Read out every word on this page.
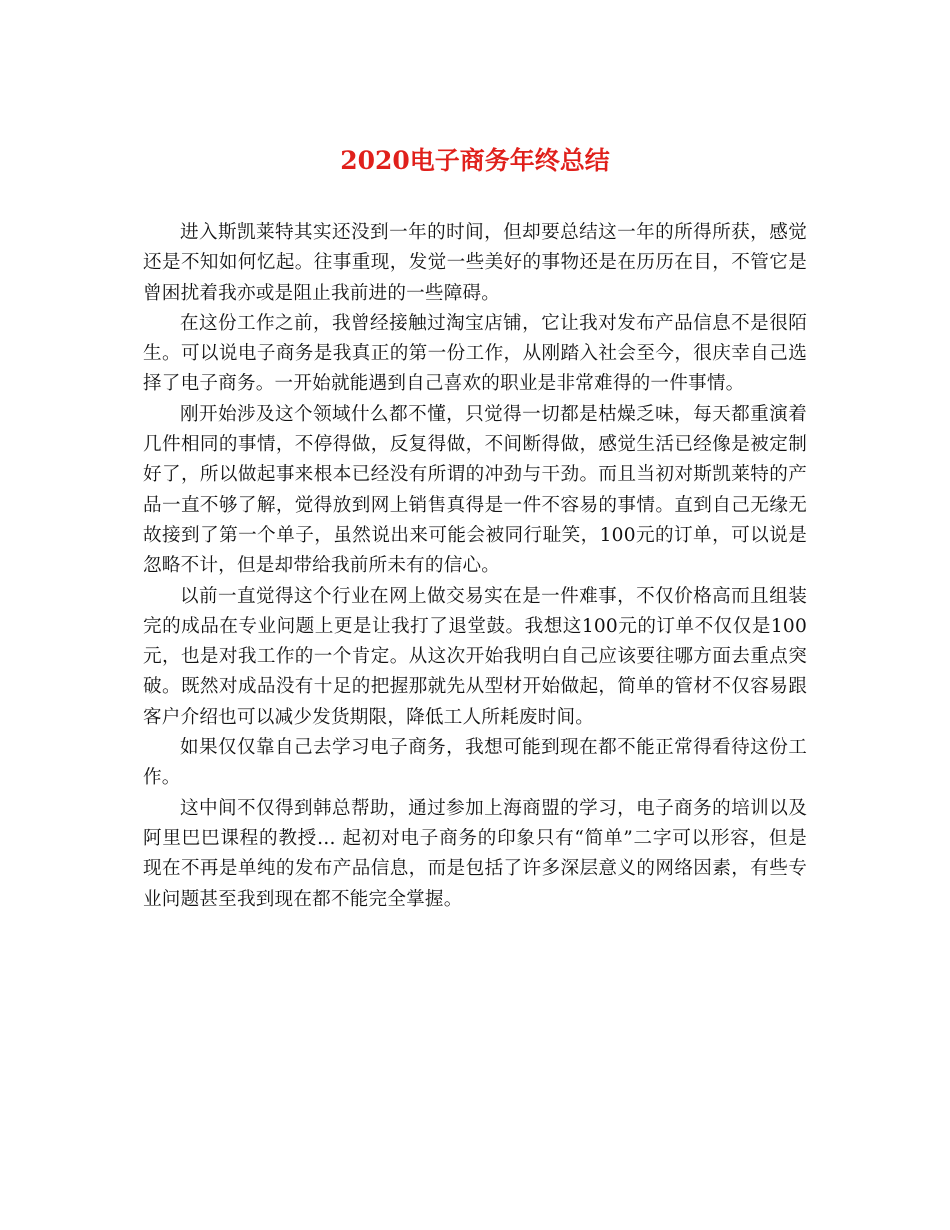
2020电子商务年终总结

进入斯凯莱特其实还没到一年的时间，但却要总结这一年的所得所获，感觉还是不知如何忆起。往事重现，发觉一些美好的事物还是在历历在目，不管它是曾困扰着我亦或是阻止我前进的一些障碍。

在这份工作之前，我曾经接触过淘宝店铺，它让我对发布产品信息不是很陌生。可以说电子商务是我真正的第一份工作，从刚踏入社会至今，很庆幸自己选择了电子商务。一开始就能遇到自己喜欢的职业是非常难得的一件事情。

刚开始涉及这个领域什么都不懂，只觉得一切都是枯燥乏味，每天都重演着几件相同的事情，不停得做，反复得做，不间断得做，感觉生活已经像是被定制好了，所以做起事来根本已经没有所谓的冲劲与干劲。而且当初对斯凯莱特的产品一直不够了解，觉得放到网上销售真得是一件不容易的事情。直到自己无缘无故接到了第一个单子，虽然说出来可能会被同行耻笑，100元的订单，可以说是忽略不计，但是却带给我前所未有的信心。

以前一直觉得这个行业在网上做交易实在是一件难事，不仅价格高而且组装完的成品在专业问题上更是让我打了退堂鼓。我想这100元的订单不仅仅是100元，也是对我工作的一个肯定。从这次开始我明白自己应该要往哪方面去重点突破。既然对成品没有十足的把握那就先从型材开始做起，简单的管材不仅容易跟客户介绍也可以减少发货期限，降低工人所耗废时间。

如果仅仅靠自己去学习电子商务，我想可能到现在都不能正常得看待这份工作。

这中间不仅得到韩总帮助，通过参加上海商盟的学习，电子商务的培训以及阿里巴巴课程的教授… 起初对电子商务的印象只有“简单”二字可以形容，但是现在不再是单纯的发布产品信息，而是包括了许多深层意义的网络因素，有些专业问题甚至我到现在都不能完全掌握。
